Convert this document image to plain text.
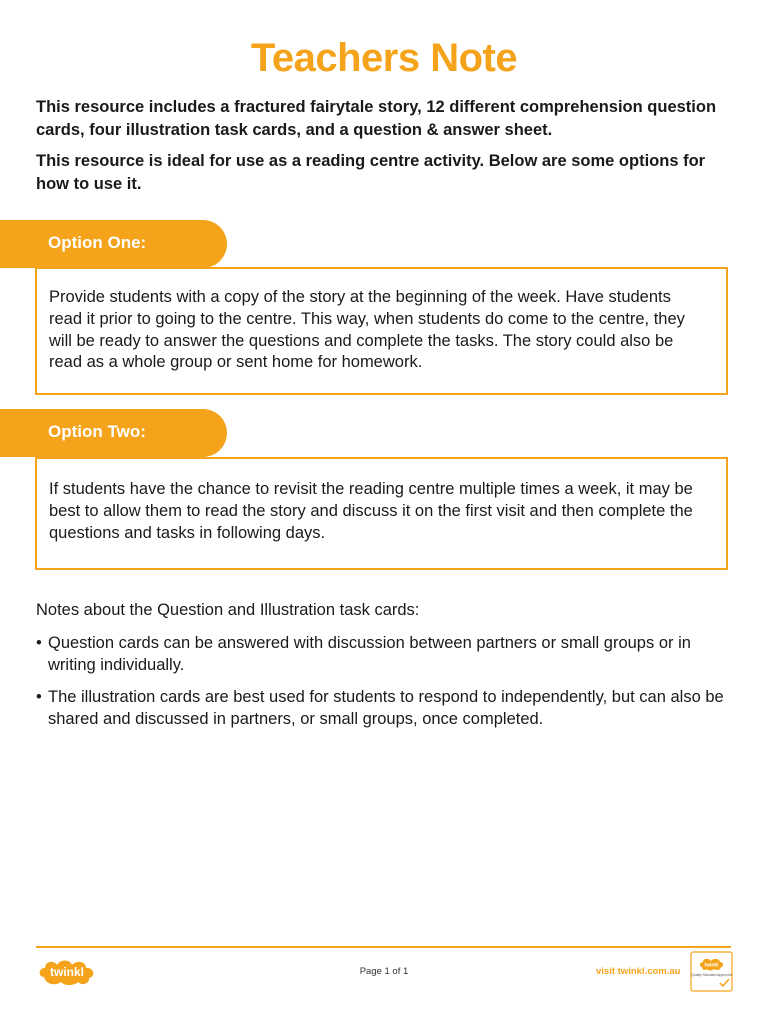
Teachers Note
This resource includes a fractured fairytale story, 12 different comprehension question cards, four illustration task cards, and a question & answer sheet.
This resource is ideal for use as a reading centre activity. Below are some options for how to use it.
Option One:

Provide students with a copy of the story at the beginning of the week. Have students read it prior to going to the centre. This way, when students do come to the centre, they will be ready to answer the questions and complete the tasks. The story could also be read as a whole group or sent home for homework.

Option Two:

If students have the chance to revisit the reading centre multiple times a week, it may be best to allow them to read the story and discuss it on the first visit and then complete the questions and tasks in following days.

Notes about the Question and Illustration task cards:
• Question cards can be answered with discussion between partners or small groups or in writing individually.
• The illustration cards are best used for students to respond to independently, but can also be shared and discussed in partners, or small groups, once completed.
twinkl	Page 1 of 1	visit twinkl.com.au
twinkl
Quality Standard Approved
